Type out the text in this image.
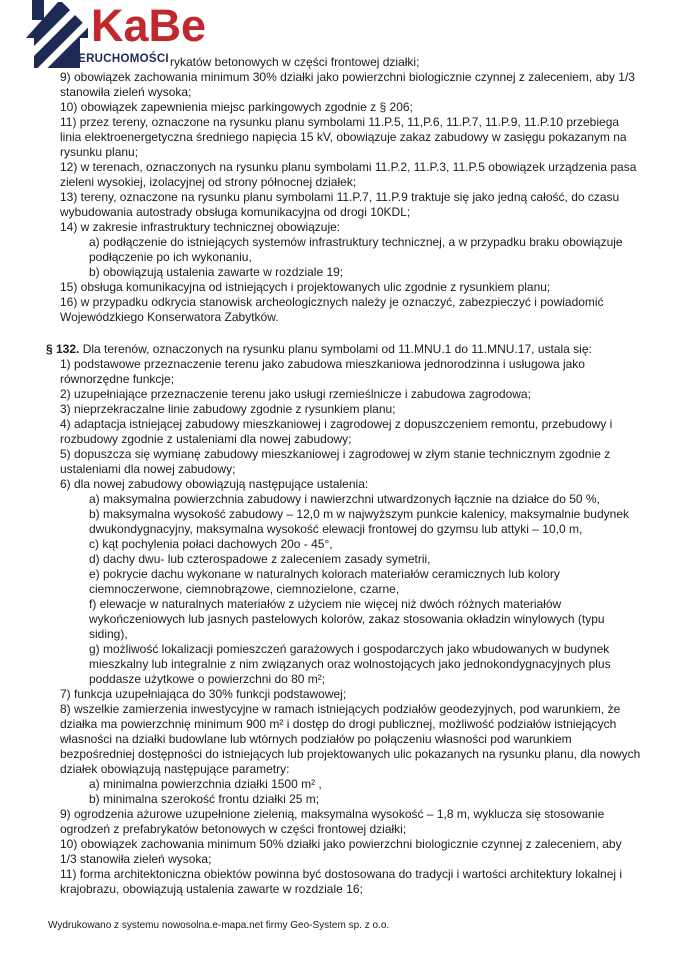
KaBe
NIERUCHOMOŚCI rykatów betonowych w części frontowej działki;
9) obowiązek zachowania minimum 30% działki jako powierzchni biologicznie czynnej z zaleceniem, aby 1/3 stanowiła zieleń wysoka;
10) obowiązek zapewnienia miejsc parkingowych zgodnie z § 206;
11) przez tereny, oznaczone na rysunku planu symbolami 11.P.5, 11,P.6, 11.P.7, 11.P.9, 11.P.10 przebiega linia elektroenergetyczna średniego napięcia 15 kV, obowiązuje zakaz zabudowy w zasięgu pokazanym na rysunku planu;
12) w terenach, oznaczonych na rysunku planu symbolami 11.P.2, 11.P.3, 11.P.5 obowiązek urządzenia pasa zieleni wysokiej, izolacyjnej od strony północnej działek;
13) tereny, oznaczone na rysunku planu symbolami 11.P.7, 11.P.9 traktuje się jako jedną całość, do czasu wybudowania autostrady obsługa komunikacyjna od drogi 10KDL;
14) w zakresie infrastruktury technicznej obowiązuje:
a) podłączenie do istniejących systemów infrastruktury technicznej, a w przypadku braku obowiązuje podłączenie po ich wykonaniu,
b) obowiązują ustalenia zawarte w rozdziale 19;
15) obsługa komunikacyjna od istniejących i projektowanych ulic zgodnie z rysunkiem planu;
16) w przypadku odkrycia stanowisk archeologicznych należy je oznaczyć, zabezpieczyć i powiadomić Wojewódzkiego Konserwatora Zabytków.
§ 132. Dla terenów, oznaczonych na rysunku planu symbolami od 11.MNU.1 do 11.MNU.17, ustala się:
1) podstawowe przeznaczenie terenu jako zabudowa mieszkaniowa jednorodzinna i usługowa jako równorzędne funkcje;
2) uzupełniające przeznaczenie terenu jako usługi rzemieślnicze i zabudowa zagrodowa;
3) nieprzekraczalne linie zabudowy zgodnie z rysunkiem planu;
4) adaptacja istniejącej zabudowy mieszkaniowej i zagrodowej z dopuszczeniem remontu, przebudowy i rozbudowy zgodnie z ustaleniami dla nowej zabudowy;
5) dopuszcza się wymianę zabudowy mieszkaniowej i zagrodowej w złym stanie technicznym zgodnie z ustaleniami dla nowej zabudowy;
6) dla nowej zabudowy obowiązują następujące ustalenia:
a) maksymalna powierzchnia zabudowy i nawierzchni utwardzonych łącznie na działce do 50 %,
b) maksymalna wysokość zabudowy – 12,0 m w najwyższym punkcie kalenicy, maksymalnie budynek dwukondygnacyjny, maksymalna wysokość elewacji frontowej do gzymsu lub attyki – 10,0 m,
c) kąt pochylenia połaci dachowych 20o - 45°,
d) dachy dwu- lub czterospadowe z zaleceniem zasady symetrii,
e) pokrycie dachu wykonane w naturalnych kolorach materiałów ceramicznych lub kolory ciemnoczerwone, ciemnobrązowe, ciemnozielone, czarne,
f) elewacje w naturalnych materiałów z użyciem nie więcej niż dwóch różnych materiałów wykończeniowych lub jasnych pastelowych kolorów, zakaz stosowania okładzin winylowych (typu siding),
g) możliwość lokalizacji pomieszczeń garażowych i gospodarczych jako wbudowanych w budynek mieszkalny lub integralnie z nim związanych oraz wolnostojących jako jednokondygnacyjnych plus poddasze użytkowe o powierzchni do 80 m²;
7) funkcja uzupełniająca do 30% funkcji podstawowej;
8) wszelkie zamierzenia inwestycyjne w ramach istniejących podziałów geodezyjnych, pod warunkiem, że działka ma powierzchnię minimum 900 m² i dostęp do drogi publicznej, możliwość podziałów istniejących własności na działki budowlane lub wtórnych podziałów po połączeniu własności pod warunkiem bezpośredniej dostępności do istniejących lub projektowanych ulic pokazanych na rysunku planu, dla nowych działek obowiązują następujące parametry:
a) minimalna powierzchnia działki 1500 m² ,
b) minimalna szerokość frontu działki 25 m;
9) ogrodzenia ażurowe uzupełnione zielenią, maksymalna wysokość – 1,8 m, wyklucza się stosowanie ogrodzeń z prefabrykatów betonowych w części frontowej działki;
10) obowiązek zachowania minimum 50% działki jako powierzchni biologicznie czynnej z zaleceniem, aby 1/3 stanowiła zieleń wysoka;
11) forma architektoniczna obiektów powinna być dostosowana do tradycji i wartości architektury lokalnej i krajobrazu, obowiązują ustalenia zawarte w rozdziale 16;
Wydrukowano z systemu nowosolna.e-mapa.net firmy Geo-System sp. z o.o.
